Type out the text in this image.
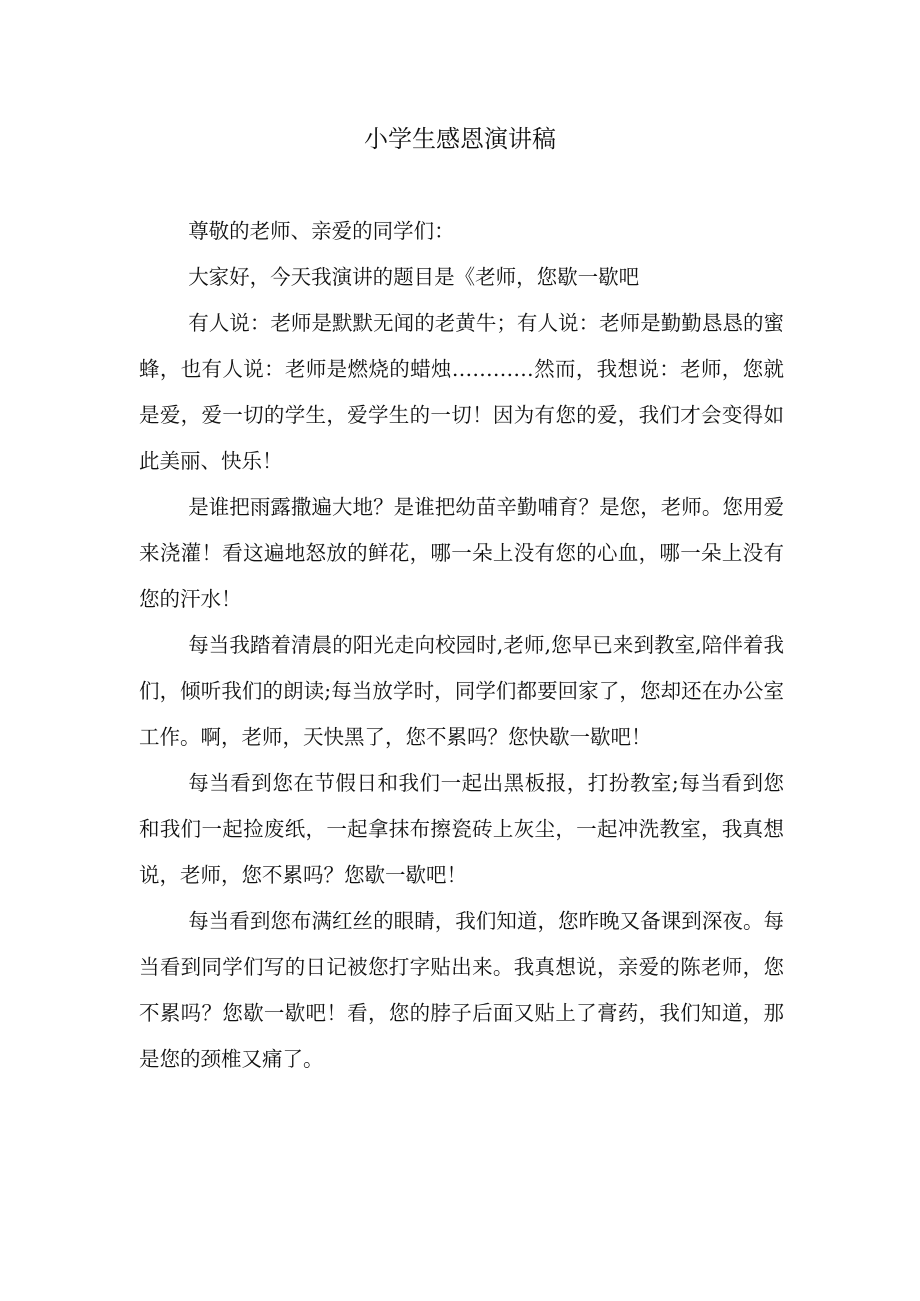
小学生感恩演讲稿

尊敬的老师、亲爱的同学们：

大家好，今天我演讲的题目是《老师，您歇一歇吧

有人说：老师是默默无闻的老黄牛；有人说：老师是勤勤恳恳的蜜蜂，也有人说：老师是燃烧的蜡烛…………然而，我想说：老师，您就是爱，爱一切的学生，爱学生的一切！因为有您的爱，我们才会变得如此美丽、快乐！

是谁把雨露撒遍大地？是谁把幼苗辛勤哺育？是您，老师。您用爱来浇灌！看这遍地怒放的鲜花，哪一朵上没有您的心血，哪一朵上没有您的汗水！

每当我踏着清晨的阳光走向校园时,老师,您早已来到教室,陪伴着我们，倾听我们的朗读;每当放学时，同学们都要回家了，您却还在办公室工作。啊，老师，天快黑了，您不累吗？您快歇一歇吧！

每当看到您在节假日和我们一起出黑板报，打扮教室;每当看到您和我们一起捡废纸，一起拿抹布擦瓷砖上灰尘，一起冲洗教室，我真想说，老师，您不累吗？您歇一歇吧！

每当看到您布满红丝的眼睛，我们知道，您昨晚又备课到深夜。每当看到同学们写的日记被您打字贴出来。我真想说，亲爱的陈老师，您不累吗？您歇一歇吧！看，您的脖子后面又贴上了膏药，我们知道，那是您的颈椎又痛了。
